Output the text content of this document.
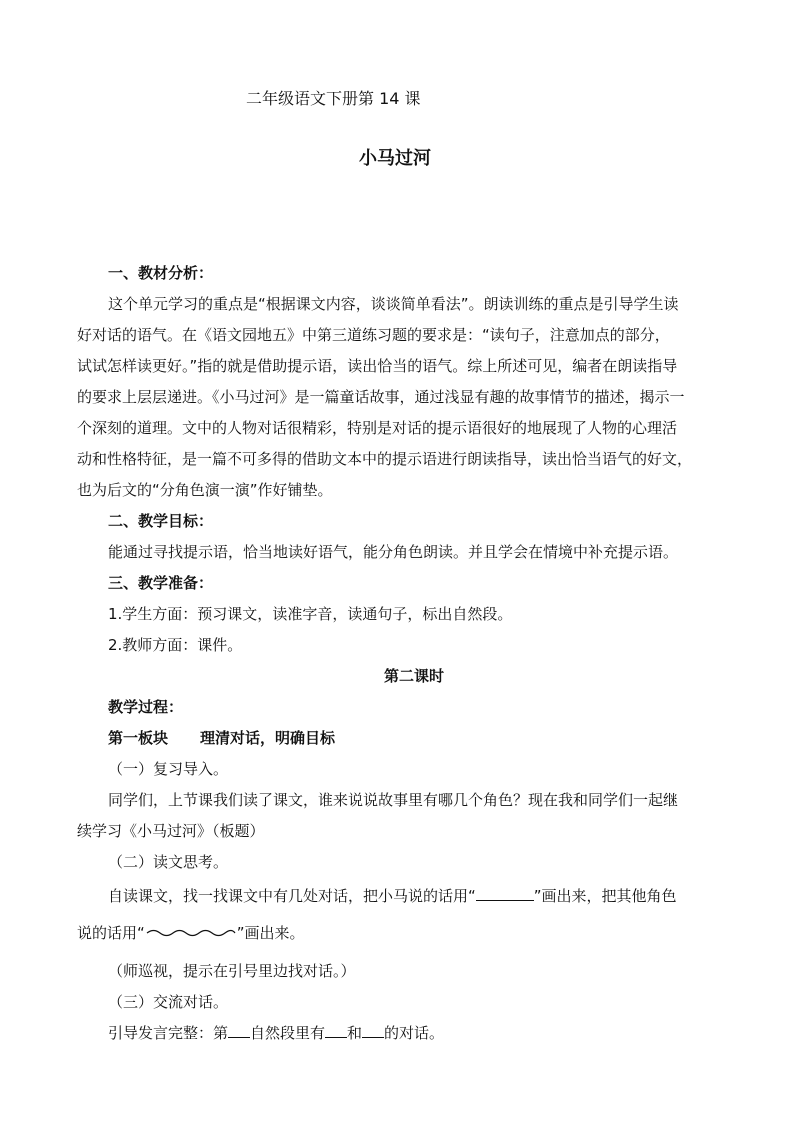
二年级语文下册第 14 课
小马过河
一、教材分析：
这个单元学习的重点是“根据课文内容，谈谈简单看法”。朗读训练的重点是引导学生读
好对话的语气。在《语文园地五》中第三道练习题的要求是：“读句子，注意加点的部分，
试试怎样读更好。”指的就是借助提示语，读出恰当的语气。综上所述可见，编者在朗读指导
的要求上层层递进。《小马过河》是一篇童话故事，通过浅显有趣的故事情节的描述，揭示一
个深刻的道理。文中的人物对话很精彩，特别是对话的提示语很好的地展现了人物的心理活
动和性格特征，是一篇不可多得的借助文本中的提示语进行朗读指导，读出恰当语气的好文，
也为后文的“分角色演一演”作好铺垫。
二、教学目标：
能通过寻找提示语，恰当地读好语气，能分角色朗读。并且学会在情境中补充提示语。
三、教学准备：
1.学生方面：预习课文，读准字音，读通句子，标出自然段。
2.教师方面：课件。
第二课时
教学过程：
第一板块 理清对话，明确目标
（一）复习导入。
同学们，上节课我们读了课文，谁来说说故事里有哪几个角色？现在我和同学们一起继
续学习《小马过河》（板题）
（二）读文思考。
自读课文，找一找课文中有几处对话，把小马说的话用“	”画出来，把其他角色
说的话用“	”画出来。
（师巡视，提示在引号里边找对话。）
（三）交流对话。
引导发言完整：第 自然段里有 和 的对话。
